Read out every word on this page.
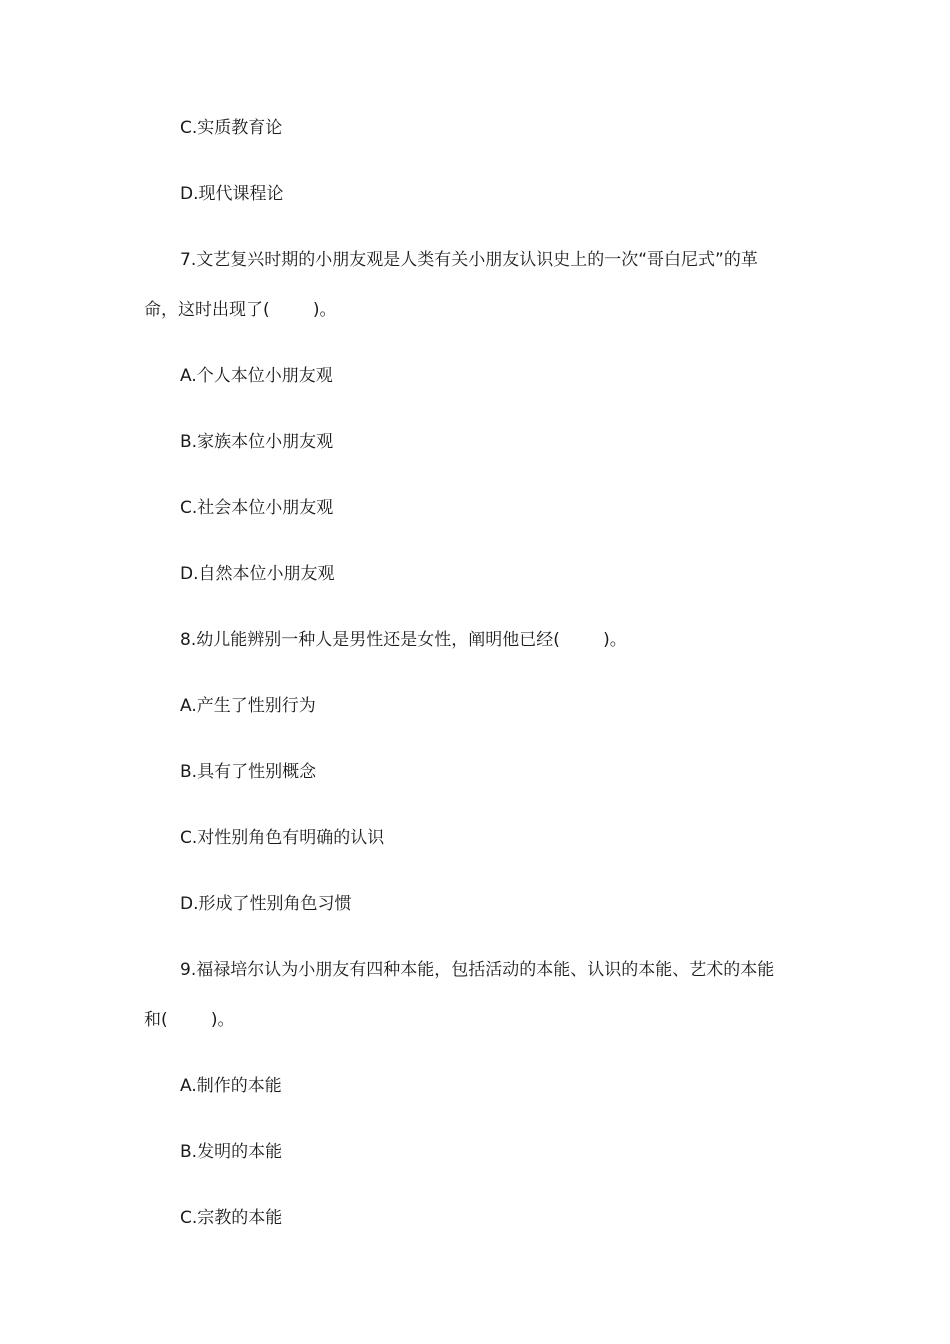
C.实质教育论
D.现代课程论
7.文艺复兴时期的小朋友观是人类有关小朋友认识史上的一次“哥白尼式”的革
命，这时出现了(        )。
A.个人本位小朋友观
B.家族本位小朋友观
C.社会本位小朋友观
D.自然本位小朋友观
8.幼儿能辨别一种人是男性还是女性，阐明他已经(        )。
A.产生了性别行为
B.具有了性别概念
C.对性别角色有明确的认识
D.形成了性别角色习惯
9.福禄培尔认为小朋友有四种本能，包括活动的本能、认识的本能、艺术的本能
和(        )。
A.制作的本能
B.发明的本能
C.宗教的本能
